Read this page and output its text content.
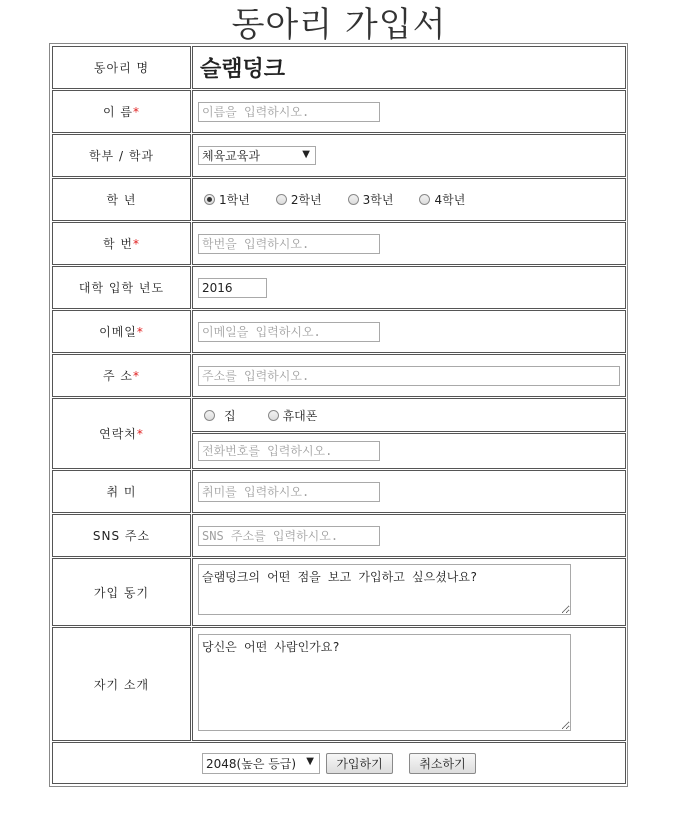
동아리 가입서
동아리 명 슬램덩크
이 름 *
이름을 입력하시오.
학부 / 학과	체육교육과	▼
학 년	1학년	2학년	3학년	4학년
학 번 *
학번을 입력하시오.
대학 입학 년도
2016
이메일 *
이메일을 입력하시오.
주 소 *
주소를 입력하시오.
연락처 *
집	휴대폰
전화번호를 입력하시오.
취 미
취미를 입력하시오.
SNS 주소
SNS 주소를 입력하시오.
가입 동기
슬램덩크의 어떤 점을 보고 가입하고 싶으셨나요?
자기 소개
당신은 어떤 사람인가요?
2048(높은 등급) ▼	가입하기	취소하기
